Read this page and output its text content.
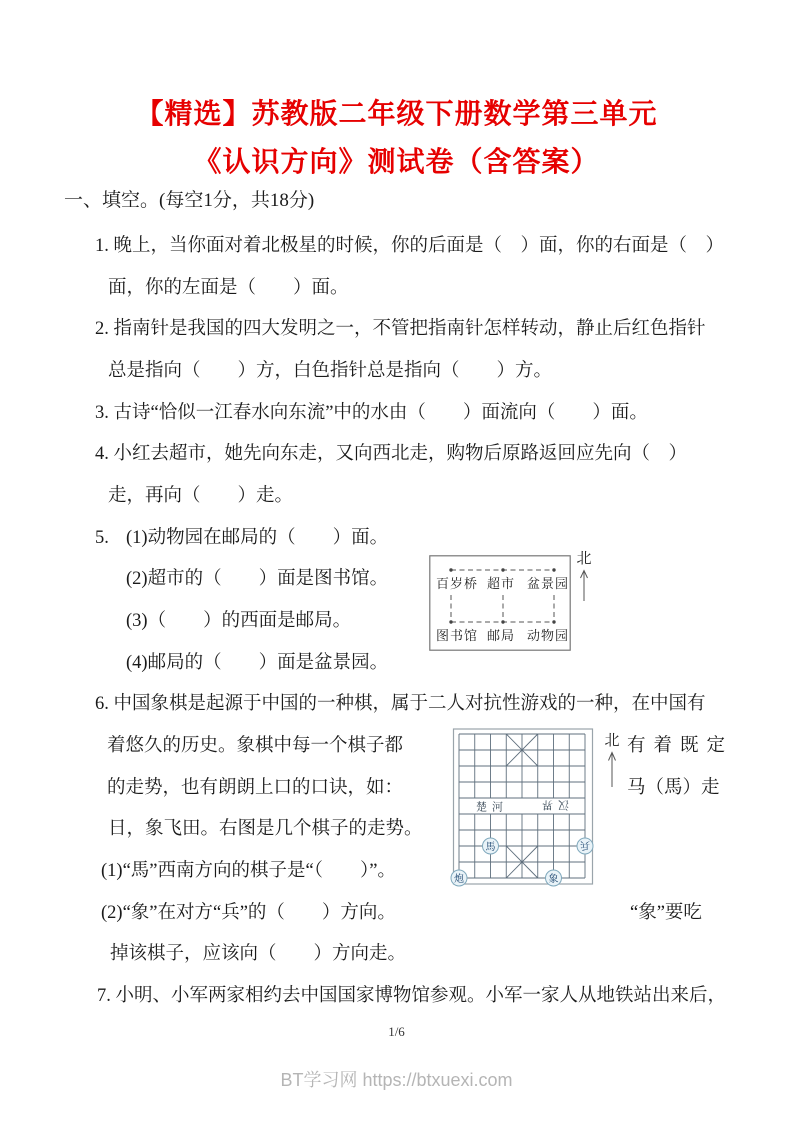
【精选】苏教版二年级下册数学第三单元
《认识方向》测试卷（含答案）
一、填空。(每空1分，共18分)
1. 晚上，当你面对着北极星的时候，你的后面是（　）面，你的右面是（　）
面，你的左面是（　　）面。
2. 指南针是我国的四大发明之一，不管把指南针怎样转动，静止后红色指针
总是指向（　　）方，白色指针总是指向（　　）方。
3. 古诗“恰似一江春水向东流”中的水由（　　）面流向（　　）面。
4. 小红去超市，她先向东走，又向西北走，购物后原路返回应先向（　）
走，再向（　　）走。
5. (1)动物园在邮局的（　　）面。
(2)超市的（　　）面是图书馆。
(3)（　　）的西面是邮局。
(4)邮局的（　　）面是盆景园。
百岁桥 超市 盆景园
图书馆 邮局 动物园
北
6. 中国象棋是起源于中国的一种棋，属于二人对抗性游戏的一种，在中国有
着悠久的历史。象棋中每一个棋子都
的走势，也有朗朗上口的口诀，如：
日，象飞田。右图是几个棋子的走势。
(1)“馬”西南方向的棋子是“（　　）”。
(2)“象”在对方“兵”的（　　）方向。
掉该棋子，应该向（　　）方向走。
有着既定
马（馬）走
“象”要吃
楚河	汉界
馬	兵
炮	象
北
7. 小明、小军两家相约去中国国家博物馆参观。小军一家人从地铁站出来后，
1/6
BT学习网 https://btxuexi.com
